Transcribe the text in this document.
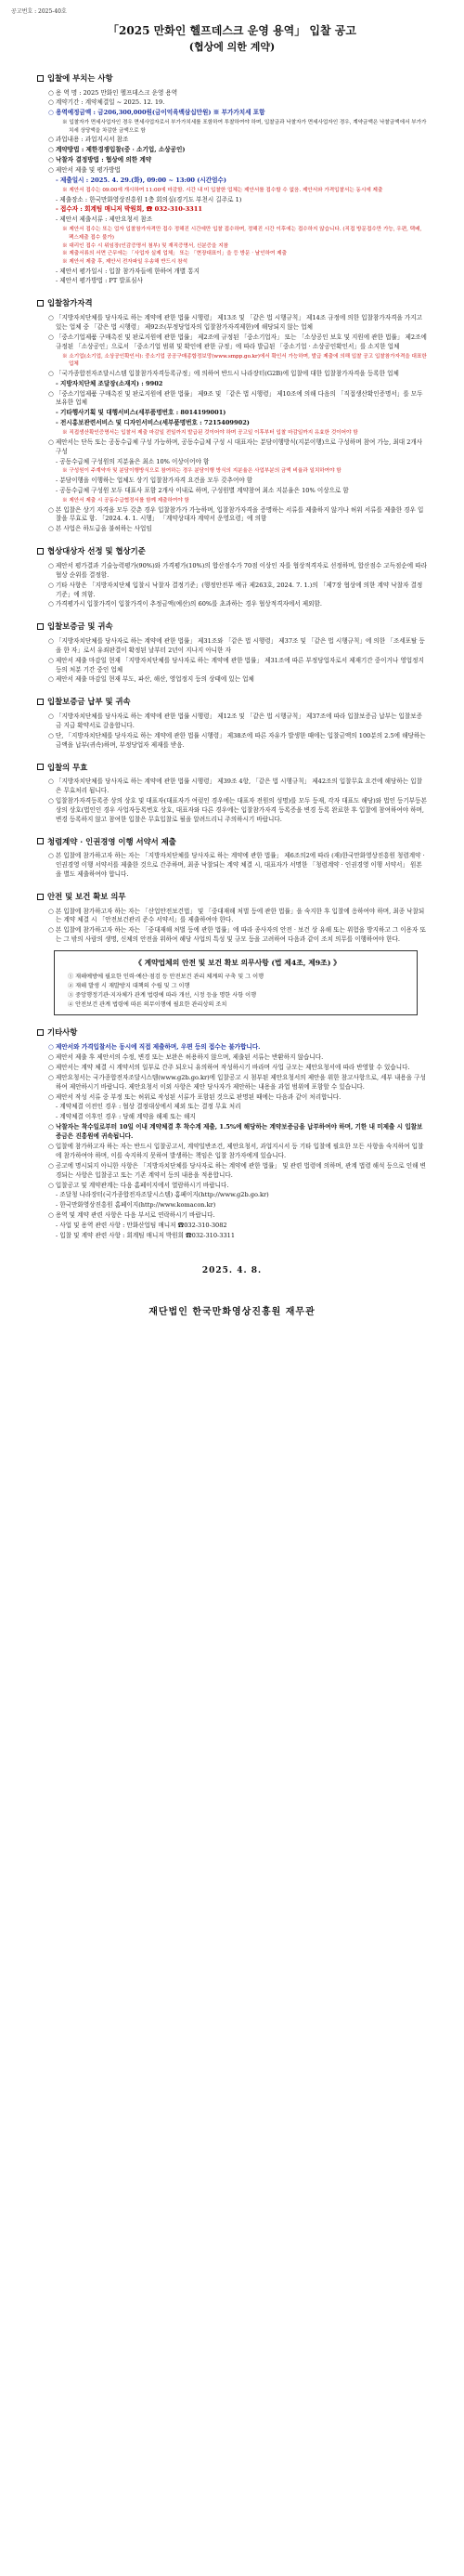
공고번호 : 2025-40호
「2025 만화인 헬프데스크 운영 용역」 입찰 공고
(협상에 의한 계약)
입찰에 부치는 사항

○ 용 역 명 : 2025 만화인 헬프데스크 운영 용역

○ 계약기간 : 계약체결일 ~ 2025. 12. 19.

○ 용역예정금액 : 금206,300,000원(금이억육백삼십만원) ※ 부가가치세 포함

※ 입찰자가 면세사업자인 경우 면세사업자로서 부가가치세를 포함하여 투찰하여야 하며, 입찰금과 낙찰자가 면세사업자인 경우, 계약금액은 낙찰금액에서 부가가치세 상당액을 차감한 금액으로 함

○ 과업내용 : 과업지시서 참조

○ 계약방법 : 제한경쟁입찰(중 · 소기업, 소상공인)

○ 낙찰자 결정방법 : 협상에 의한 계약

○ 제안서 제출 및 평가방법

- 제출일시 : 2025. 4. 29.(화), 09:00 ~ 13:00 (시간엄수)

※ 제안서 접수는 09:00에 개시하여 11:00에 마감함. 시간 내 미 입찰한 업체는 제안서를 접수할 수 없음. 제안서와 가격입찰서는 동시에 제출

- 제출장소 : 한국만화영상진흥원 1층 회의실(경기도 부천시 길주로 1)

- 접수자 : 회계팀 매니저 박원희, ☎ 032-310-3311

- 제안서 제출서류 : 제안요청서 참조

※ 제안서 접수는 또는 업자 입찰참가자격만 접수 정해진 시간에만 입찰 접수하며, 정해진 시간 이후에는 접수하지 않습니다. (직접 방문접수만 가능, 우편, 택배, 팩스제출 접수 불가)

※ 대리인 접수 시 위임장(인감증명서 첨부) 및 재직증명서, 신분증을 지참

※ 제출서류의 서면 근무에는 「사업자 실제 업체」 또는 「현장대표이」을 등 방문 · 날인하여 제출

※ 제안서 제출 후, 제안서 전자파일 우송해 반드시 참석

- 제안서 평가일시 : 입찰 참가자들에 한하여 개별 통지

- 제안서 평가방법 : PT 발표심사

입찰참가자격

○ 「지방자치단체를 당사자로 하는 계약에 관한 법률 시행령」 제13조 및 「같은 법 시행규칙」 제14조 규정에 의한 입찰참가자격을 가지고 있는 업체 중 「같은 법 시행령」 제92조(부정당업자의 입찰참가자격제한)에 해당되지 않는 업체

○ 「중소기업제품 구매촉진 및 판로지원에 관한 법률」 제2조에 규정된 「중소기업자」 또는 「소상공인 보호 및 지원에 관한 법률」 제2조에 규정된 「소상공인」으로서 「중소기업 범위 및 확인에 관한 규정」에 따라 발급된 「중소기업 · 소상공인확인서」를 소지한 업체

※ 소기업(소기업, 소상공인확인서): 중소기업 공공구매종합정보망(www.smpp.go.kr)에서 확인서 가능하며, 발급 제출에 의해 입찰 공고 입찰참가자격을 대표한 업체

○ 「국가종합전자조달시스템 입찰참가자격등록규정」에 의하여 반드시 나라장터(G2B)에 입찰에 대한 입찰참가자격을 등록한 업체

- 지방자치단체 조달장(소재지) : 9902

○ 「중소기업제품 구매촉진 및 판로지원에 관한 법률」 제9조 및 「같은 법 시행령」 제10조에 의해 다음의 「직접생산확인증명서」를 모두 보유한 업체

- 기타행사기획 및 대행서비스(세부품명번호 : 8014199001)

- 전시홍보관련서비스 및 디자인서비스(세부품명번호 : 7215409902)

※ 직접생산확인증명서는 입찰서 제출 마감일 전일까지 발급된 것이어야 하며 공고일 이후부터 입찰 마감일까지 유효한 것이어야 함

○ 제안서는 단독 또는 공동수급체 구성 가능하며, 공동수급체 구성 시 대표자는 분담이행방식(지분이행)으로 구성하며 참여 가능, 최대 2개사 구성

- 공동수급체 구성원의 지분율은 최소 10% 이상이어야 함

※ 구성원이 주계약자 및 분담이행방식으로 참여하는 경우 분담이행 방식의 지분율은 사업부분의 금액 비율과 일치하여야 함

- 분담이행을 이행하는 업체도 상기 입찰참가자격 요건을 모두 갖추어야 함

- 공동수급체 구성원 모두 대표사 포함 2개사 이내로 하며, 구성원별 계약참여 최소 지분율은 10% 이상으로 함

※ 제안서 제출 시 공동수급협정서를 함께 제출하여야 함

○ 본 입찰은 상기 자격을 모두 갖춘 경우 입찰참가가 가능하며, 입찰참가자격을 증명하는 서류를 제출하지 않거나 허위 서류를 제출한 경우 입찰을 무효로 함. 「2024. 4. 1. 시행」 「계약상대자 계약서 운영요령」에 의함

○ 본 사업은 하도급을 불허하는 사업임

협상대상자 선정 및 협상기준

○ 제안서 평가결과 기술능력평가(90%)와 가격평가(10%)의 합산점수가 70점 이상인 자를 협상적격자로 선정하며, 합산점수 고득점순에 따라 협상 순위를 결정함.

○ 기타 사항은 「지방자치단체 입찰시 낙찰자 결정기준」(행정안전부 예규 제263호, 2024. 7. 1.)의 「제7장 협상에 의한 계약 낙찰자 결정기준」에 의함.

○ 가격평가시 입찰가격이 입찰가격이 추정금액(예산)의 60%를 초과하는 경우 협상적격자에서 제외함.

입찰보증금 및 귀속

○ 「지방자치단체를 당사자로 하는 계약에 관한 법률」 제31조와 「같은 법 시행령」 제37조 및 「같은 법 시행규칙」에 의한 「조세포탈 등을 한 자」로서 유죄판결이 확정된 날부터 2년이 지나지 아니한 자

○ 제안서 제출 마감일 현재 「지방자치단체를 당사자로 하는 계약에 관한 법률」 제31조에 따른 부정당업자로서 제재기간 중이거나 영업정지 등의 처분 기간 중인 업체

○ 제안서 제출 마감일 현재 부도, 파산, 해산, 영업정지 등의 상태에 있는 업체

입찰보증금 납부 및 귀속

○ 「지방자치단체를 당사자로 하는 계약에 관한 법률 시행령」 제12조 및 「같은 법 시행규칙」 제37조에 따라 입찰보증금 납부는 입찰보증금 지급 확약서로 갈음합니다.

○ 단, 「지방자치단체를 당사자로 하는 계약에 관한 법률 시행령」 제38조에 따른 자유가 발생한 때에는 입찰금액의 100분의 2.5에 해당하는 금액을 납부(귀속)하며, 부정당업자 제재를 받음.

입찰의 무효

○ 「지방자치단체를 당사자로 하는 계약에 관한 법률 시행령」 제39조 4항, 「같은 법 시행규칙」 제42조의 입찰무효 요건에 해당하는 입찰은 무효처리 됩니다.

○ 입찰참가자격등록증 상의 상호 및 대표자(대표자가 여럿인 경우에는 대표자 전원의 성명)를 모두 등재, 각자 대표도 해당)와 법인 등기부등본 상의 상호(법인인 경우 사업자등록번호 상호, 대표자와 다른 경우에는 입찰참가자격 등록증을 변경 등록 완료한 후 입찰에 참여하여야 하며, 변경 등록하지 않고 참여한 입찰은 무효입찰로 될을 알려드리니 주의하시기 바랍니다.

청렴계약 · 인권경영 이행 서약서 제출

○ 본 입찰에 참가하고자 하는 자는 「지방자치단체를 당사자로 하는 계약에 관한 법률」 제6조의2에 따라 (재)한국만화영상진흥원 청렴계약 · 인권경영 이행 서약서를 제출한 것으로 간주하며, 최종 낙찰되는 계약 체결 시, 대표자가 서명한 「청렴계약 · 인권경영 이행 서약서」 원본을 별도 제출하여야 합니다.

안전 및 보건 확보 의무

○ 본 입찰에 참가하고자 하는 자는 「산업안전보건법」 및 「중대재해 처벌 등에 관한 법률」을 숙지한 후 입찰에 응하여야 하며, 최종 낙찰되는 계약 체결 시 「안전보건관리 준수 서약서」를 제출하여야 한다.

○ 본 입찰에 참가하고자 하는 자는 「중대재해 처벌 등에 관한 법률」에 따라 종사자의 안전 · 보건 상 유해 또는 위험을 방지하고 그 이용자 또는 그 밖의 사람의 생명, 신체의 안전을 위하여 해당 사업의 특성 및 규모 등을 고려하여 다음과 같이 조치 의무를 이행하여야 한다.

《 계약업체의 안전 및 보건 확보 의무사항 (법 제4조, 제9조) 》

① 재해예방에 필요한 인력·예산·점검 등 안전보건 관리 체계의 구축 및 그 이행

② 재해 발생 시 재발방지 대책의 수립 및 그 이행

③ 중앙행정기관·지자체가 관계 법령에 따라 개선, 시정 등을 명한 사항 이행

④ 안전보건 관계 법령에 따른 의무이행에 필요한 관리상의 조치

기타사항

○ 제안서와 가격입찰서는 동시에 직접 제출하며, 우편 등의 접수는 불가합니다.

○ 제안서 제출 후 제안서의 수정, 변경 또는 보완은 허용하지 않으며, 제출된 서류는 반환하지 않습니다.

○ 제안서는 계약 체결 시 계약서의 일부로 간주 되오니 유의하여 작성하시기 바라며 사업 규모는 제안요청서에 따라 반영할 수 있습니다.

○ 제안요청서는 국가종합전자조달시스템(www.g2b.go.kr)에 입찰공고 시 첨부된 제안요청서의 제안을 위한 참고사항으로, 세부 내용을 구성하여 제안하시기 바랍니다. 제안요청서 이외 사항은 제안 당사자가 제안하는 내용을 과업 범위에 포함할 수 있습니다.

○ 제안서 작성 서류 중 부정 또는 허위로 작성된 서류가 포함된 것으로 판명된 때에는 다음과 같이 처리합니다.

- 계약체결 이전인 경우 : 협상 결정대상에서 제외 또는 결정 무효 처리

- 계약체결 이후인 경우 : 당해 계약을 해제 또는 해지

○ 낙찰자는 착수일로부터 10일 이내 계약체결 후 착수계 제출, 1.5%에 해당하는 계약보증금을 납부하여야 하며, 기한 내 미제출 시 입찰보증금은 진흥원에 귀속됩니다.

○ 입찰에 참가하고자 하는 자는 반드시 입찰공고서, 계약일반조건, 제안요청서, 과업지시서 등 기타 입찰에 필요한 모든 사항을 숙지하여 입찰에 참가하여야 하며, 이를 숙지하지 못하여 발생하는 책임은 입찰 참가자에게 있습니다.

○ 공고에 명시되지 아니한 사항은 「지방자치단체를 당사자로 하는 계약에 관한 법률」 및 관련 법령에 의하며, 관계 법령 해석 등으로 인해 변경되는 사항은 입찰공고 또는 기존 계약서 등의 내용을 적용합니다.

○ 입찰공고 및 계약관계는 다음 홈페이지에서 열람하시기 바랍니다.

- 조달청 나라장터(국가종합전자조달시스템) 홈페이지(http://www.g2b.go.kr)

- 한국만화영상진흥원 홈페이지(http://www.komacon.kr)

○ 용역 및 계약 관련 사항은 다음 부서로 연락하시기 바랍니다.

- 사업 및 용역 관련 사항 : 만화산업팀 매니저 ☎032-310-3082

- 입찰 및 계약 관련 사항 : 회계팀 매니저 박원희 ☎032-310-3311

2025. 4. 8.
재단법인 한국만화영상진흥원 재무관
